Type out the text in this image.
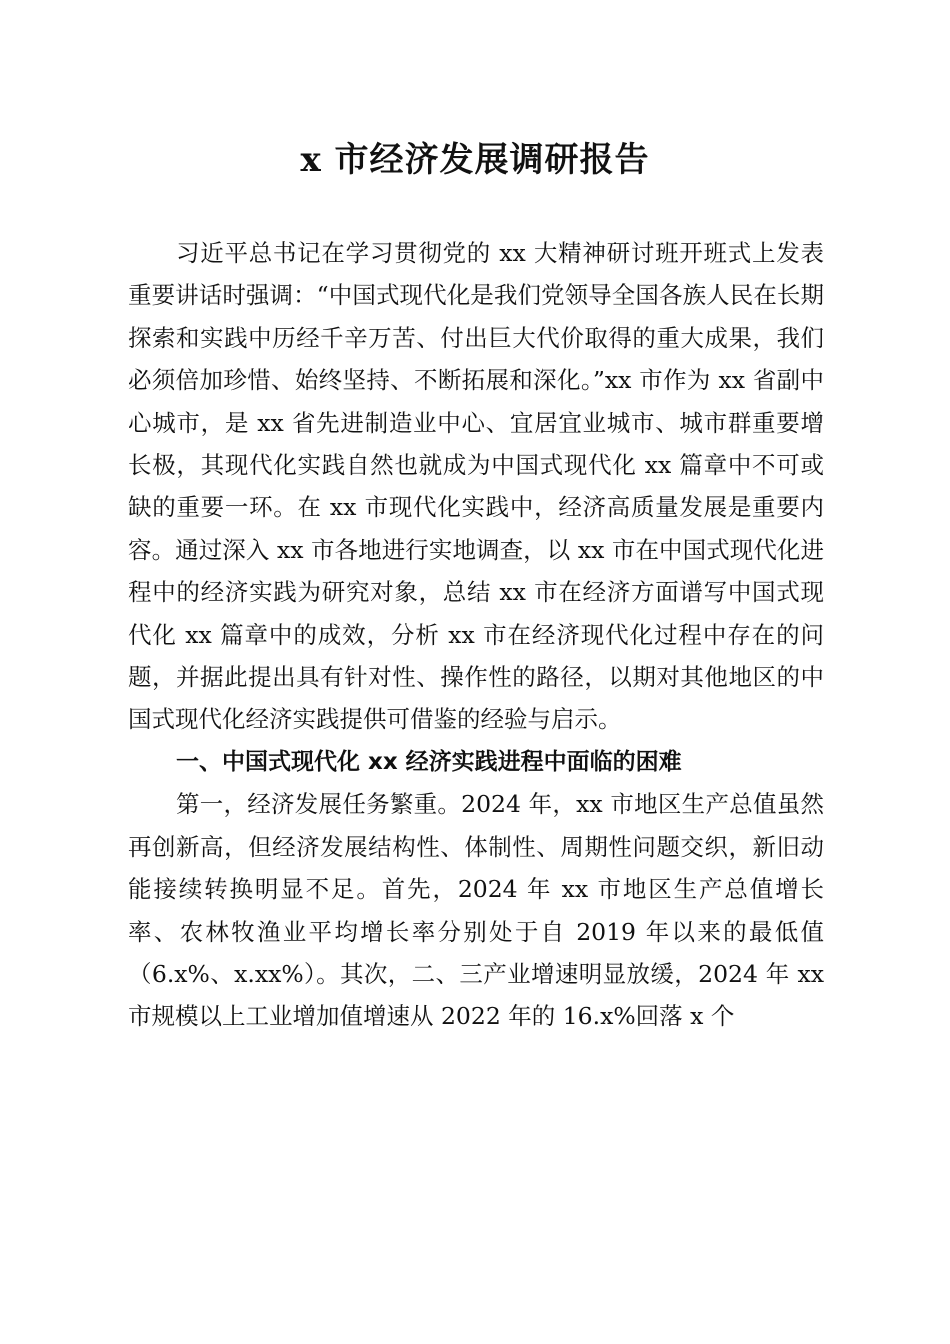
x 市经济发展调研报告

习近平总书记在学习贯彻党的 xx 大精神研讨班开班式上发表重要讲话时强调：“中国式现代化是我们党领导全国各族人民在长期探索和实践中历经千辛万苦、付出巨大代价取得的重大成果，我们必须倍加珍惜、始终坚持、不断拓展和深化。”xx 市作为 xx 省副中心城市，是 xx 省先进制造业中心、宜居宜业城市、城市群重要增长极，其现代化实践自然也就成为中国式现代化 xx 篇章中不可或缺的重要一环。在 xx 市现代化实践中，经济高质量发展是重要内容。通过深入 xx 市各地进行实地调查，以 xx 市在中国式现代化进程中的经济实践为研究对象，总结 xx 市在经济方面谱写中国式现代化 xx 篇章中的成效，分析 xx 市在经济现代化过程中存在的问题，并据此提出具有针对性、操作性的路径，以期对其他地区的中国式现代化经济实践提供可借鉴的经验与启示。

一、中国式现代化 xx 经济实践进程中面临的困难

第一，经济发展任务繁重。2024 年，xx 市地区生产总值虽然再创新高，但经济发展结构性、体制性、周期性问题交织，新旧动能接续转换明显不足。首先，2024 年 xx 市地区生产总值增长率、农林牧渔业平均增长率分别处于自 2019 年以来的最低值（6.x%、x.xx%）。其次，二、三产业增速明显放缓，2024 年 xx 市规模以上工业增加值增速从 2022 年的 16.x%回落 x 个
